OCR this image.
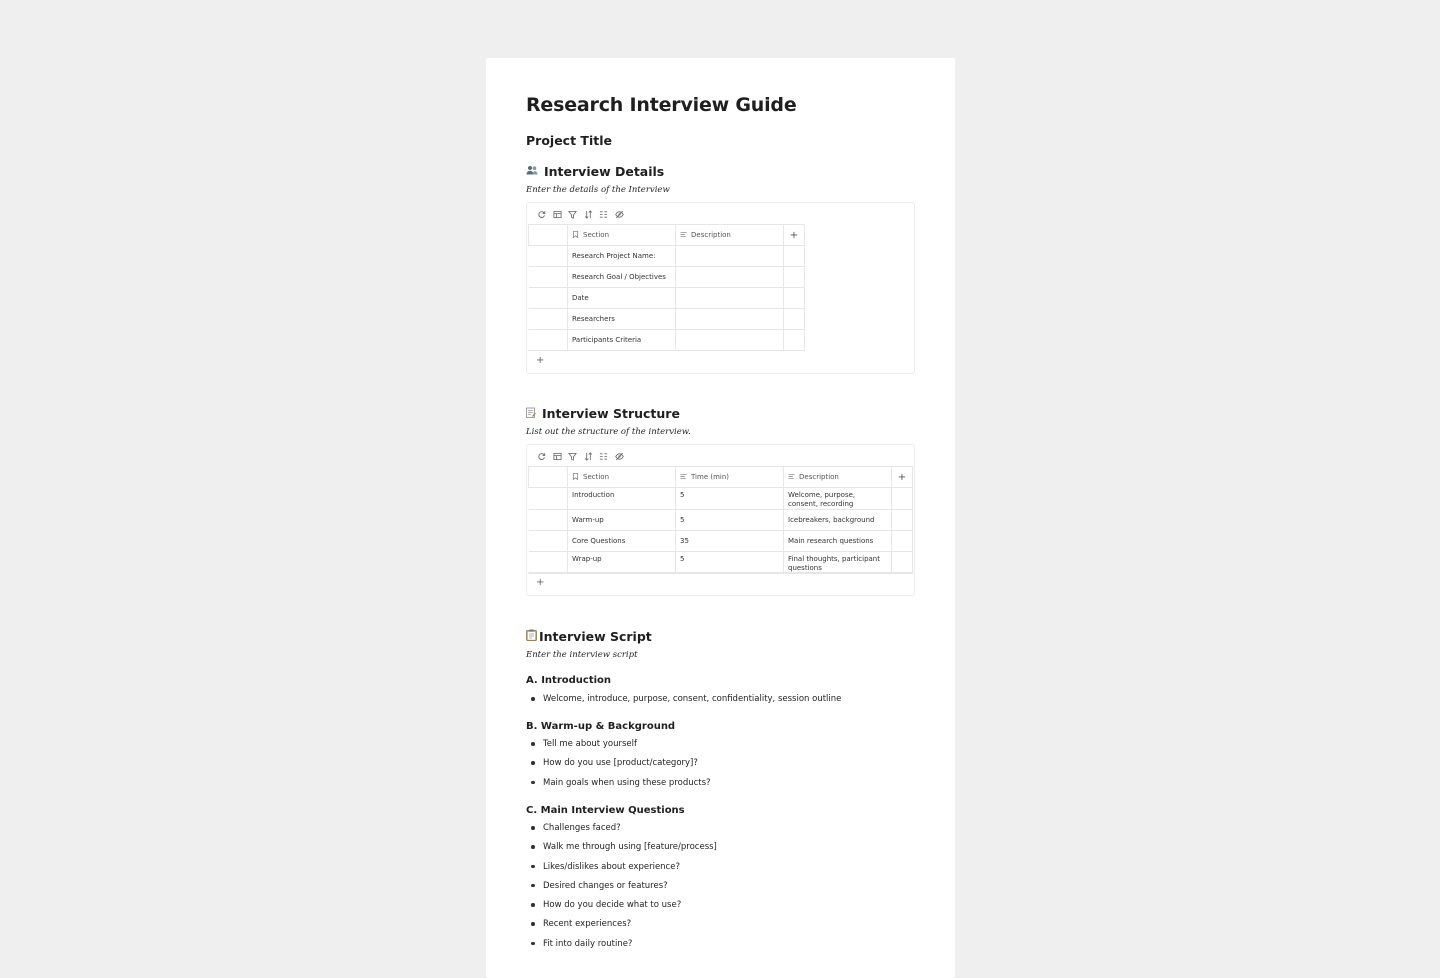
Research Interview Guide
Project Title
Interview Details
Enter the details of the Interview
	Section	Description	+
	Research Project Name:		
	Research Goal / Objectives		
	Date		
	Researchers		
	Participants Criteria		
+
Interview Structure
List out the structure of the interview.
	Section	Time (min)	Description	+
	Introduction	5	Welcome, purpose, consent, recording	
	Warm-up	5	Icebreakers, background	
	Core Questions	35	Main research questions	
	Wrap-up	5	Final thoughts, participant questions	
+
Interview Script
Enter the interview script
A. Introduction
Welcome, introduce, purpose, consent, confidentiality, session outline
B. Warm-up & Background
Tell me about yourself
How do you use [product/category]?
Main goals when using these products?
C. Main Interview Questions
Challenges faced?
Walk me through using [feature/process]
Likes/dislikes about experience?
Desired changes or features?
How do you decide what to use?
Recent experiences?
Fit into daily routine?
